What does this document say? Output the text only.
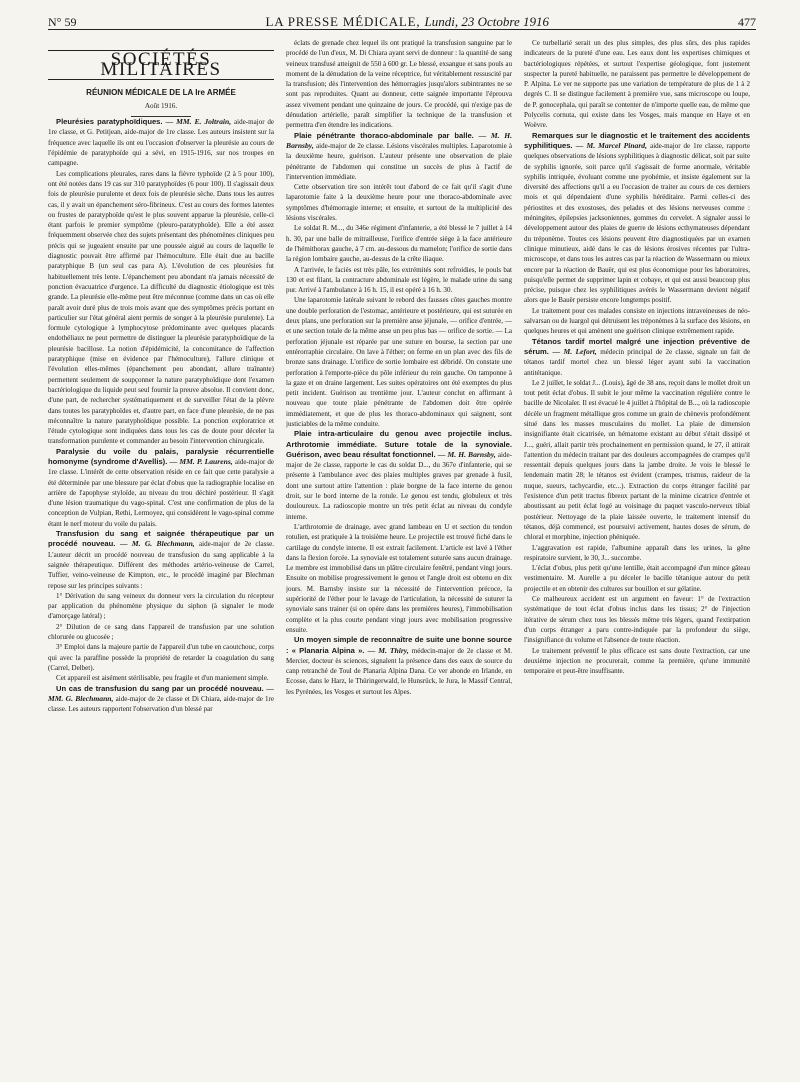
N° 59	LA PRESSE MÉDICALE, Lundi, 23 Octobre 1916	477
SOCIÉTÉS MILITAIRES
RÉUNION MÉDICALE DE LA Ire ARMÉE
Août 1916.

Pleurésies paratyphoïdiques. — MM. E. Joltrain, aide-major de 1re classe, et G. Petitjean, aide-major de 1re classe. Les auteurs insistent sur la fréquence avec laquelle ils ont eu l'occasion d'observer la pleurésie au cours de l'épidémie de paratyphoïde qui a sévi, en 1915-1916, sur nos troupes en campagne.

Les complications pleurales, rares dans la fièvre typhoïde (2 à 5 pour 100), ont été notées dans 19 cas sur 310 paratyphoïdes (6 pour 100). Il s'agissait deux fois de pleurésie purulente et deux fois de pleurésie sèche. Dans tous les autres cas, il y avait un épanchement séro-fibrineux. C'est au cours des formes latentes ou frustes de paratyphoïde qu'est le plus souvent apparue la pleurésie, celle-ci étant parfois le premier symptôme (pleuro-paratyphoïde). Elle a été assez fréquemment observée chez des sujets présentant des phénomènes cliniques peu précis qui se jugeaient ensuite par une poussée aiguë au cours de laquelle le diagnostic pouvait être affirmé par l'hémoculture. Elle était due au bacille paratyphique B (un seul cas para A). L'évolution de ces pleurésies fut habituellement très lente. L'épanchement peu abondant n'a jamais nécessité de ponction évacuatrice d'urgence. La difficulté du diagnostic étiologique est très grande. La pleurésie elle-même peut être méconnue (comme dans un cas où elle paraît avoir duré plus de trois mois avant que des symptômes précis portant en particulier sur l'état général aient permis de songer à la pleurésie purulente). La formule cytologique à lymphocytose prédominante avec quelques placards endothéliaux ne peut permettre de distinguer la pleurésie paratyphoïdique de la pleurésie bacillose. La notion d'épidémicité, la concomitance de l'affection paratyphique (mise en évidence par l'hémoculture), l'allure clinique et l'évolution elles-mêmes (épanchement peu abondant, allure traînante) permettent seulement de soupçonner la nature paratyphoïdique dont l'examen bactériologique du liquide peut seul fournir la preuve absolue. Il convient donc, d'une part, de rechercher systématiquement et de surveiller l'état de la plèvre dans toutes les paratyphoïdes et, d'autre part, en face d'une pleurésie, de ne pas méconnaître la nature paratyphoïdique possible. La ponction exploratrice et l'étude cytologique sont indiquées dans tous les cas de doute pour déceler la transformation purulente et commander au besoin l'intervention chirurgicale.

Paralysie du voile du palais, paralysie récurrentielle homonyme (syndrome d'Avellis). — MM. P. Laurens, aide-major de 1re classe. L'intérêt de cette observation réside en ce fait que cette paralysie a été déterminée par une blessure par éclat d'obus que la radiographie localise en arrière de l'apophyse styloïde, au niveau du trou déchiré postérieur. Il s'agit d'une lésion traumatique du vago-spinal. C'est une confirmation de plus de la conception de Vulpian, Rethi, Lermoyez, qui considèrent le vago-spinal comme étant le nerf moteur du voile du palais.

Transfusion du sang et saignée thérapeutique par un procédé nouveau. — M. G. Blechmann, aide-major de 2e classe. L'auteur décrit un procédé nouveau de transfusion du sang applicable à la saignée thérapeutique. Différent des méthodes artério-veineuse de Carrel, Tuffier, veino-veineuse de Kimpton, etc., le procédé imaginé par Blechman repose sur les principes suivants :

1° Dérivation du sang veineux du donneur vers la circulation du récepteur par application du phénomène physique du siphon (à signaler le mode d'amorçage latéral) ;

2° Dilution de ce sang dans l'appareil de transfusion par une solution chlorurée ou glucosée ;

3° Emploi dans la majeure partie de l'appareil d'un tube en caoutchouc, corps qui avec la paraffine possède la propriété de retarder la coagulation du sang (Carrel, Delbet).

Cet appareil est aisément stérilisable, peu fragile et d'un maniement simple.

Un cas de transfusion du sang par un procédé nouveau. — MM. G. Blechmann, aide-major de 2e classe et Di Chiara, aide-major de 1re classe. Les auteurs rapportent l'observation d'un blessé par

éclats de grenade chez lequel ils ont pratiqué la transfusion sanguine par le procédé de l'un d'eux, M. Di Chiara ayant servi de donneur : la quantité de sang veineux transfusé atteignit de 550 à 600 gr. Le blessé, exsangue et sans pouls au moment de la dénudation de la veine réceptrice, fut véritablement ressuscité par la transfusion; dès l'intervention des hémorragies jusqu'alors subintrantes ne se sont pas reproduites. Quant au donneur, cette saignée importante l'éprouva assez vivement pendant une quinzaine de jours. Ce procédé, qui n'exige pas de dénudation artérielle, paraît simplifier la technique de la transfusion et permettra d'en étendre les indications.

Plaie pénétrante thoraco-abdominale par balle. — M. H. Barnsby, aide-major de 2e classe. Lésions viscérales multiples. Laparotomie à la deuxième heure, guérison. L'auteur présente une observation de plaie pénétrante de l'abdomen qui constitue un succès de plus à l'actif de l'intervention immédiate.

Cette observation tire son intérêt tout d'abord de ce fait qu'il s'agit d'une laparotomie faite à la deuxième heure pour une thoraco-abdominale avec symptômes d'hémorragie interne; et ensuite, et surtout de la multiplicité des lésions viscérales.

Le soldat R. M..., du 346e régiment d'infanterie, a été blessé le 7 juillet à 14 h. 30, par une balle de mitrailleuse, l'orifice d'entrée siège à la face antérieure de l'hémithorax gauche, à 7 cm. au-dessous du mamelon; l'orifice de sortie dans la région lombaire gauche, au-dessus de la crête iliaque.

A l'arrivée, le faciès est très pâle, les extrémités sont refroidies, le pouls bat 130 et est filant, la contracture abdominale est légère, le malade urine du sang pur. Arrivé à l'ambulance à 16 h. 15, il est opéré à 16 h. 30.

Une laparotomie latérale suivant le rebord des fausses côtes gauches montre une double perforation de l'estomac, antérieure et postérieure, qui est suturée en deux plans, une perforation sur la première anse jéjunale, — orifice d'entrée, — et une section totale de la même anse un peu plus bas — orifice de sortie. — La perforation jéjunale est réparée par une suture en bourse, la section par une entérorraphie circulaire. On lave à l'éther; on ferme en un plan avec des fils de bronze sans drainage. L'orifice de sortie lombaire est débridé. On constate une perforation à l'emporte-pièce du pôle inférieur du rein gauche. On tamponne à la gaze et on draine largement. Les suites opératoires ont été exemptes du plus petit incident. Guérison au trentième jour. L'auteur conclut en affirmant à nouveau que toute plaie pénétrante de l'abdomen doit être opérée immédiatement, et que de plus les thoraco-abdominaux qui saignent, sont justiciables de la même conduite.

Plaie intra-articulaire du genou avec projectile inclus. Arthrotomie immédiate. Suture totale de la synoviale. Guérison, avec beau résultat fonctionnel. — M. H. Barnsby, aide-major de 2e classe, rapporte le cas du soldat D..., du 367e d'infanterie, qui se présente à l'ambulance avec des plaies multiples graves par grenade à fusil, dont une surtout attire l'attention : plaie borgne de la face interne du genou droit, sur le bord interne de la rotule. Le genou est tendu, globuleux et très douloureux. La radioscopie montre un très petit éclat au niveau du condyle interne.

L'arthrotomie de drainage, avec grand lambeau en U et section du tendon rotulien, est pratiquée à la troisième heure. Le projectile est trouvé fiché dans le cartilage du condyle interne. Il est extrait facilement. L'article est lavé à l'éther dans la flexion forcée. La synoviale est totalement suturée sans aucun drainage. Le membre est immobilisé dans un plâtre circulaire fenêtré, pendant vingt jours. Ensuite on mobilise progressivement le genou et l'angle droit est obtenu en dix jours. M. Barnsby insiste sur la nécessité de l'intervention précoce, la supériorité de l'éther pour le lavage de l'articulation, la nécessité de suturer la synoviale sans trainer (si on opère dans les premières heures), l'immobilisation complète et la plus courte pendant vingt jours avec mobilisation progressive ensuite.

Un moyen simple de reconnaître de suite une bonne source : « Planaria Alpina ». — M. Thiry, médecin-major de 2e classe et M. Mercier, docteur ès sciences, signalent la présence dans des eaux de source du canp retranché de Toul de Planaria Alpina Dana. Ce ver abonde en Irlande, en Ecosse, dans le Harz, le Thüringerwald, le Hunsrück, le Jura, le Massif Central, les Pyrénées, les Vosges et surtout les Alpes.

Ce turbellarié serait un des plus simples, des plus sûrs, des plus rapides indicateurs de la pureté d'une eau. Les eaux dont les expertises chimiques et bactériologiques répétées, et surtout l'expertise géologique, font justement suspecter la pureté habituelle, ne paraissent pas permettre le développement de P. Alpina. Le ver ne supporte pas une variation de température de plus de 1 à 2 degrés C. Il se distingue facilement à première vue, sans microscope ou loupe, de P. gonocephala, qui paraît se contenter de n'importe quelle eau, de même que Polycelis cornuta, qui existe dans les Vosges, mais manque en Haye et en Woëvre.

Remarques sur le diagnostic et le traitement des accidents syphilitiques. — M. Marcel Pinard, aide-major de 1re classe, rapporte quelques observations de lésions syphilitiques à diagnostic délicat, soit par suite de syphilis ignorée, soit parce qu'il s'agissait de forme anormale, véritable syphilis intriquée, évoluant comme une pyohémie, et insiste également sur la diversité des affections qu'il a eu l'occasion de traiter au cours de ces derniers mois et qui dépendaient d'une syphilis héréditaire. Parmi celles-ci des périostites et des exostoses, des pelades et des lésions nerveuses comme : méningites, épilepsies jacksoniennes, gommes du cervelet. A signaler aussi le développement autour des plaies de guerre de lésions ecthymateuses dépendant du tréponème. Toutes ces lésions peuvent être diagnostiquées par un examen clinique minutieux, aidé dans le cas de lésions érosives récentes par l'ultra-microscope, et dans tous les autres cas par la réaction de Wassermann ou mieux encore par la réaction de Bauër, qui est plus économique pour les laboratoires, puisqu'elle permet de supprimer lapin et cobaye, et qui est aussi beaucoup plus précise, puisque chez les syphilitiques avérés le Wassermann devient négatif alors que le Bauër persiste encore longtemps positif.

Le traitement pour ces malades consiste en injections intraveineuses de néo-salvarsan ou de luargol qui détruisent les tréponèmes à la surface des lésions, en quelques heures et qui amènent une guérison clinique extrêmement rapide.

Tétanos tardif mortel malgré une injection préventive de sérum. — M. Lefort, médecin principal de 2e classe, signale un fait de tétanos tardif mortel chez un blessé léger ayant subi la vaccination antitétanique.

Le 2 juillet, le soldat J... (Louis), âgé de 38 ans, reçoit dans le mollet droit un tout petit éclat d'obus. Il subit le jour même la vaccination régulière contre le bacille de Nicolaïer. Il est évacué le 4 juillet à l'hôpital de B..., où la radioscopie décèle un fragment métallique gros comme un grain de chènevis profondément situé dans les masses musculaires du mollet. La plaie de dimension insignifiante était cicatrisée, un hématome existant au début s'était dissipé et J..., guéri, allait partir très prochainement en permission quand, le 27, il attirait l'attention du médecin traitant par des douleurs accompagnées de crampes qu'il ressentait depuis quelques jours dans la jambe droite. Je vois le blessé le lendemain matin 28; le tétanos est évident (crampes, trismus, raideur de la nuque, sueurs, tachycardie, etc...). Extraction du corps étranger facilité par l'existence d'un petit tractus fibreux partant de la minime cicatrice d'entrée et aboutissant au petit éclat logé au voisinage du paquet vasculo-nerveux tibial postérieur. Nettoyage de la plaie laissée ouverte, le traitement intensif du tétanos, déjà commencé, est poursuivi activement, hautes doses de sérum, de chloral et morphine, injection phéniquée.

L'aggravation est rapide, l'albumine apparaît dans les urines, la gêne respiratoire survient, le 30, J... succombe.

L'éclat d'obus, plus petit qu'une lentille, était accompagné d'un mince gâteau vestimentaire. M. Aurelle a pu déceler le bacille tétanique autour du petit projectile et en obtenir des cultures sur bouillon et sur gélatine.

Ce malheureux accident est un argument en faveur: 1° de l'extraction systématique de tout éclat d'obus inclus dans les tissus; 2° de l'injection itérative de sérum chez tous les blessés même très légers, quand l'extirpation d'un corps étranger a paru contre-indiquée par la profondeur du siège, l'insignifiance du volume et l'absence de toute réaction.

Le traitement préventif le plus efficace est sans doute l'extraction, car une deuxième injection ne procurerait, comme la première, qu'une immunité temporaire et peut-être insuffisante.
